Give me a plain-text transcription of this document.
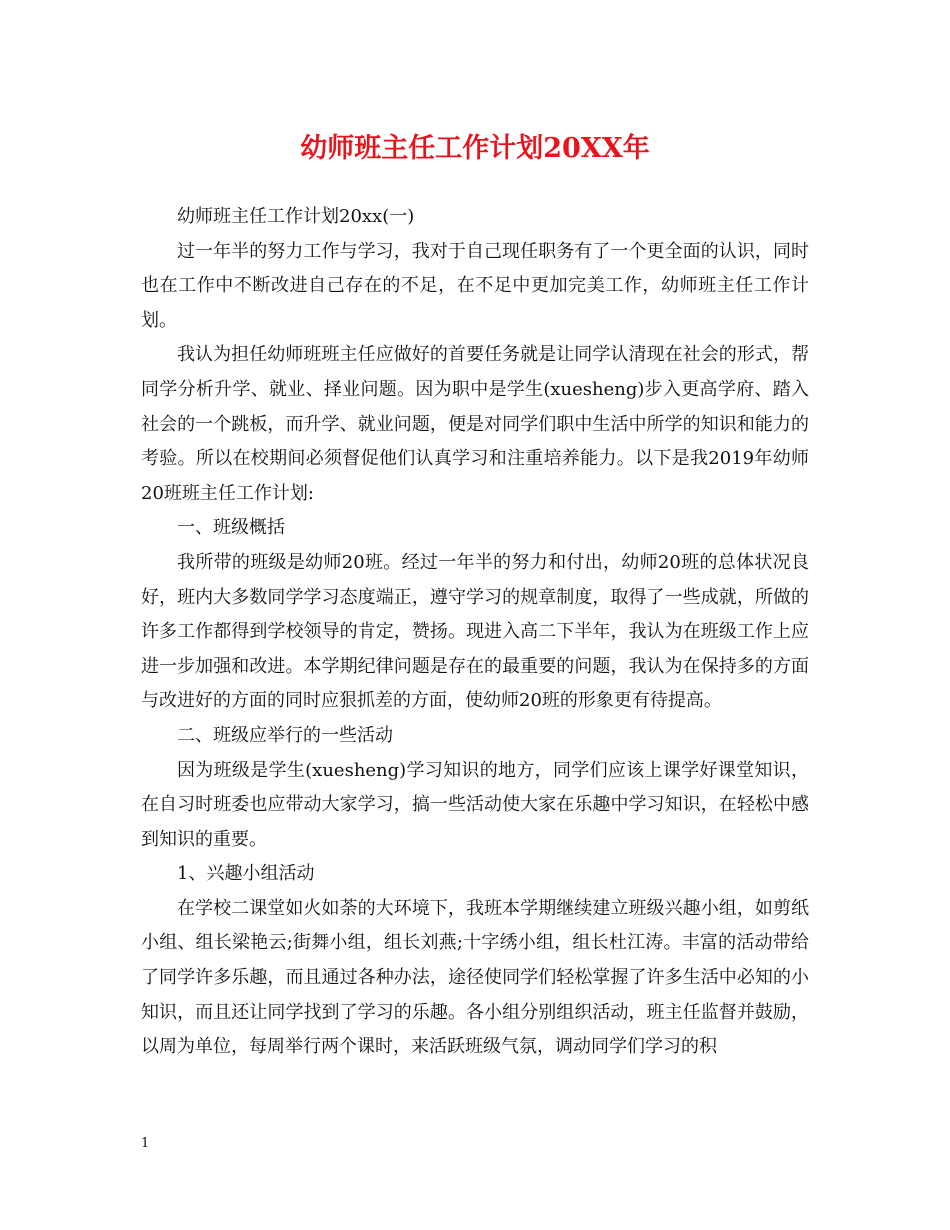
幼师班主任工作计划20XX年

幼师班主任工作计划20xx(一)

过一年半的努力工作与学习，我对于自己现任职务有了一个更全面的认识，同时也在工作中不断改进自己存在的不足，在不足中更加完美工作，幼师班主任工作计划。

我认为担任幼师班班主任应做好的首要任务就是让同学认清现在社会的形式，帮同学分析升学、就业、择业问题。因为职中是学生(xuesheng)步入更高学府、踏入社会的一个跳板，而升学、就业问题，便是对同学们职中生活中所学的知识和能力的考验。所以在校期间必须督促他们认真学习和注重培养能力。以下是我2019年幼师20班班主任工作计划:

一、班级概括

我所带的班级是幼师20班。经过一年半的努力和付出，幼师20班的总体状况良好，班内大多数同学学习态度端正，遵守学习的规章制度，取得了一些成就，所做的许多工作都得到学校领导的肯定，赞扬。现进入高二下半年，我认为在班级工作上应进一步加强和改进。本学期纪律问题是存在的最重要的问题，我认为在保持多的方面与改进好的方面的同时应狠抓差的方面，使幼师20班的形象更有待提高。

二、班级应举行的一些活动

因为班级是学生(xuesheng)学习知识的地方，同学们应该上课学好课堂知识，在自习时班委也应带动大家学习，搞一些活动使大家在乐趣中学习知识，在轻松中感到知识的重要。

1、兴趣小组活动

在学校二课堂如火如荼的大环境下，我班本学期继续建立班级兴趣小组，如剪纸小组、组长梁艳云;街舞小组，组长刘燕;十字绣小组，组长杜江涛。丰富的活动带给了同学许多乐趣，而且通过各种办法，途径使同学们轻松掌握了许多生活中必知的小知识，而且还让同学找到了学习的乐趣。各小组分别组织活动，班主任监督并鼓励，以周为单位，每周举行两个课时，来活跃班级气氛，调动同学们学习的积

1
